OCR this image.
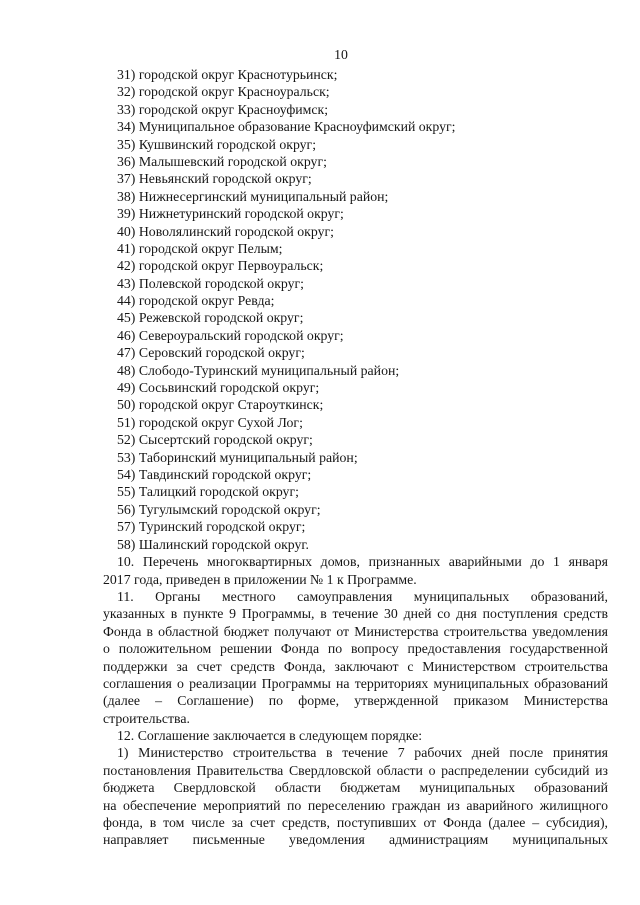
10
31) городской округ Краснотурьинск;
32) городской округ Красноуральск;
33) городской округ Красноуфимск;
34) Муниципальное образование Красноуфимский округ;
35) Кушвинский городской округ;
36) Малышевский городской округ;
37) Невьянский городской округ;
38) Нижнесергинский муниципальный район;
39) Нижнетуринский городской округ;
40) Новолялинский городской округ;
41) городской округ Пелым;
42) городской округ Первоуральск;
43) Полевской городской округ;
44) городской округ Ревда;
45) Режевской городской округ;
46) Североуральский городской округ;
47) Серовский городской округ;
48) Слободо-Туринский муниципальный район;
49) Сосьвинский городской округ;
50) городской округ Староуткинск;
51) городской округ Сухой Лог;
52) Сысертский городской округ;
53) Таборинский муниципальный район;
54) Тавдинский городской округ;
55) Талицкий городской округ;
56) Тугулымский городской округ;
57) Туринский городской округ;
58) Шалинский городской округ.
10. Перечень многоквартирных домов, признанных аварийными до 1 января
2017 года, приведен в приложении № 1 к Программе.
11. Органы местного самоуправления муниципальных образований,
указанных в пункте 9 Программы, в течение 30 дней со дня поступления средств
Фонда в областной бюджет получают от Министерства строительства уведомления
о положительном решении Фонда по вопросу предоставления государственной
поддержки за счет средств Фонда, заключают с Министерством строительства
соглашения о реализации Программы на территориях муниципальных образований
(далее – Соглашение) по форме, утвержденной приказом Министерства
строительства.
12. Соглашение заключается в следующем порядке:
1) Министерство строительства в течение 7 рабочих дней после принятия
постановления Правительства Свердловской области о распределении субсидий из
бюджета Свердловской области бюджетам муниципальных образований
на обеспечение мероприятий по переселению граждан из аварийного жилищного
фонда, в том числе за счет средств, поступивших от Фонда (далее – субсидия),
направляет письменные уведомления администрациям муниципальных
